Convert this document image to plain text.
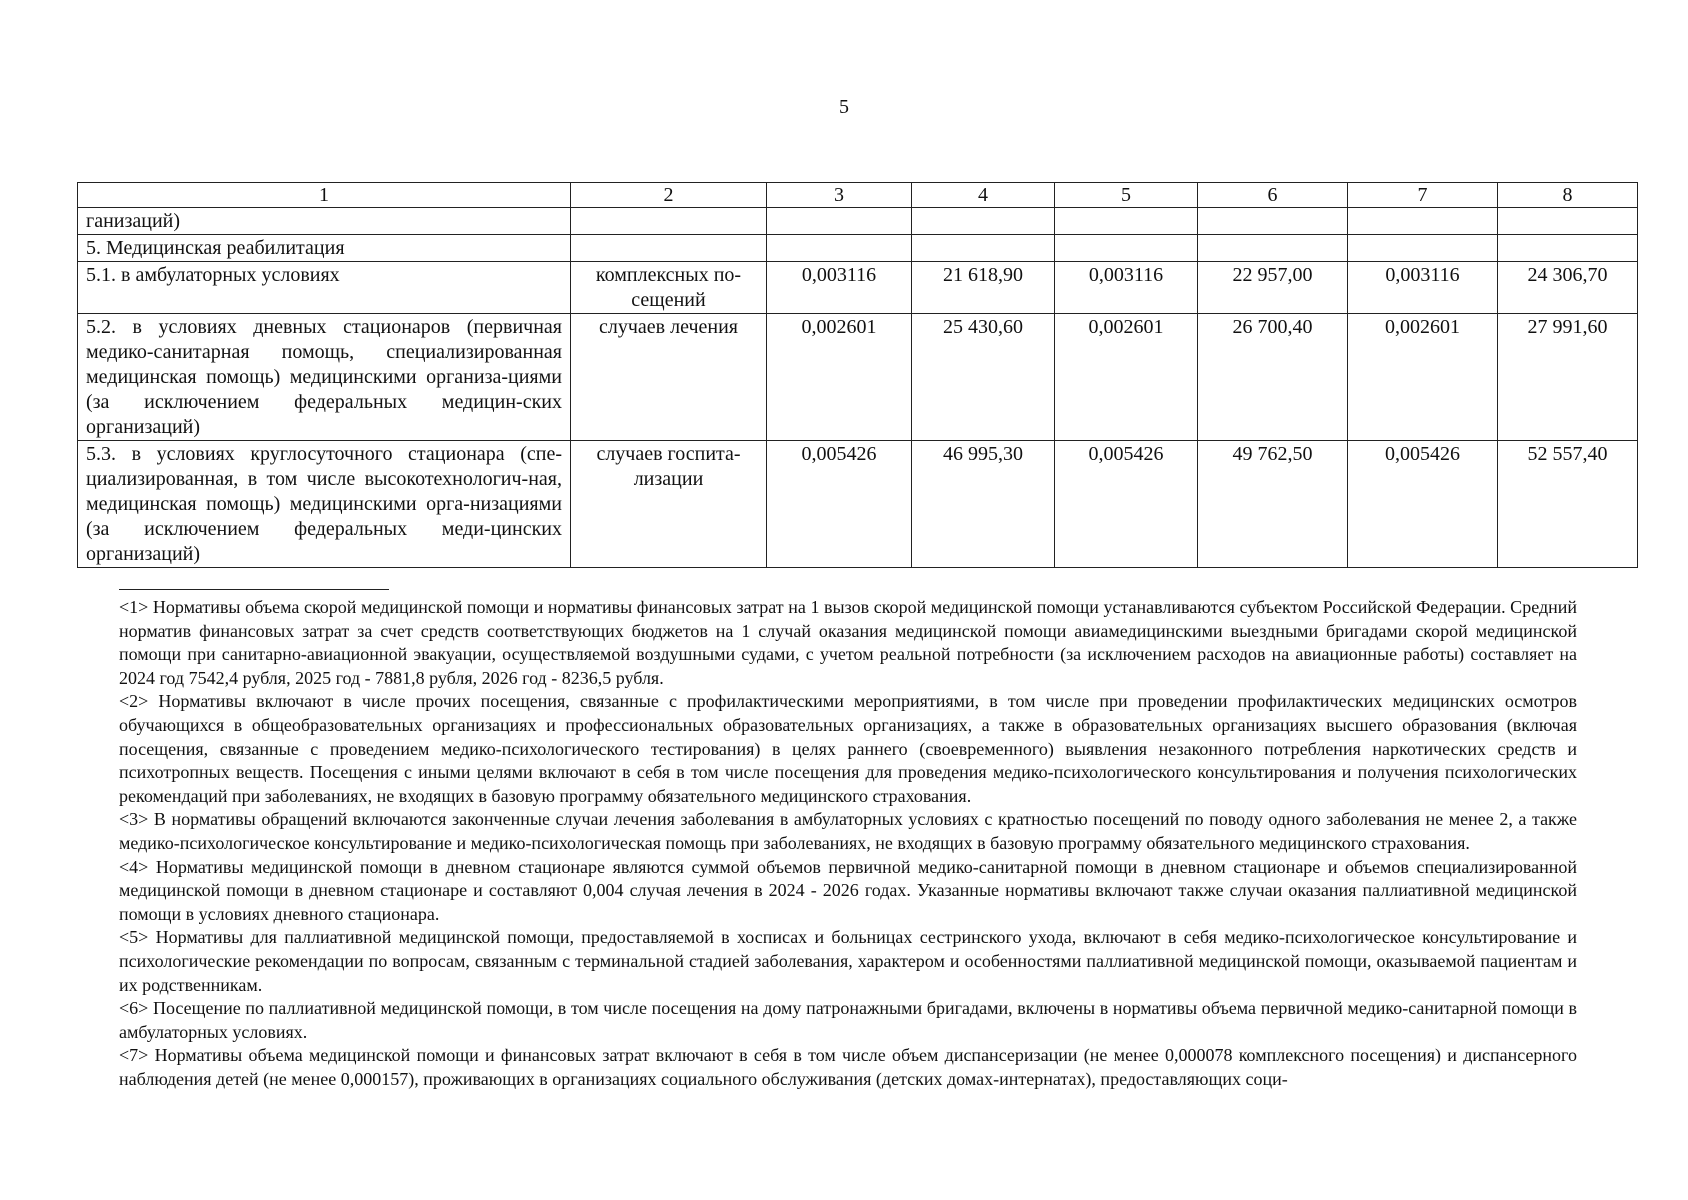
5
1	2	3	4	5	6	7	8
ганизаций)							
5. Медицинская реабилитация							
5.1. в амбулаторных условиях	комплексных по-сещений	0,003116	21 618,90	0,003116	22 957,00	0,003116	24 306,70
5.2. в условиях дневных стационаров (первичная медико-санитарная помощь, специализированная медицинская помощь) медицинскими организа-циями (за исключением федеральных медицин-ских организаций)	случаев лечения	0,002601	25 430,60	0,002601	26 700,40	0,002601	27 991,60
5.3. в условиях круглосуточного стационара (спе-циализированная, в том числе высокотехнологич-ная, медицинская помощь) медицинскими орга-низациями (за исключением федеральных меди-цинских организаций)	случаев госпита-лизации	0,005426	46 995,30	0,005426	49 762,50	0,005426	52 557,40

<1> Нормативы объема скорой медицинской помощи и нормативы финансовых затрат на 1 вызов скорой медицинской помощи устанавливаются субъектом Российской Федерации. Средний норматив финансовых затрат за счет средств соответствующих бюджетов на 1 случай оказания медицинской помощи авиамедицинскими выездными бригадами скорой медицинской помощи при санитарно-авиационной эвакуации, осуществляемой воздушными судами, с учетом реальной потребности (за исключением расходов на авиационные работы) составляет на 2024 год 7542,4 рубля, 2025 год - 7881,8 рубля, 2026 год - 8236,5 рубля.

<2> Нормативы включают в числе прочих посещения, связанные с профилактическими мероприятиями, в том числе при проведении профилактических медицинских осмотров обучающихся в общеобразовательных организациях и профессиональных образовательных организациях, а также в образовательных организациях высшего образования (включая посещения, связанные с проведением медико-психологического тестирования) в целях раннего (своевременного) выявления незаконного потребления наркотических средств и психотропных веществ. Посещения с иными целями включают в себя в том числе посещения для проведения медико-психологического консультирования и получения психологических рекомендаций при заболеваниях, не входящих в базовую программу обязательного медицинского страхования.

<3> В нормативы обращений включаются законченные случаи лечения заболевания в амбулаторных условиях с кратностью посещений по поводу одного заболевания не менее 2, а также медико-психологическое консультирование и медико-психологическая помощь при заболеваниях, не входящих в базовую программу обязательного медицинского страхования.

<4> Нормативы медицинской помощи в дневном стационаре являются суммой объемов первичной медико-санитарной помощи в дневном стационаре и объемов специализированной медицинской помощи в дневном стационаре и составляют 0,004 случая лечения в 2024 - 2026 годах. Указанные нормативы включают также случаи оказания паллиативной медицинской помощи в условиях дневного стационара.

<5> Нормативы для паллиативной медицинской помощи, предоставляемой в хосписах и больницах сестринского ухода, включают в себя медико-психологическое консультирование и психологические рекомендации по вопросам, связанным с терминальной стадией заболевания, характером и особенностями паллиативной медицинской помощи, оказываемой пациентам и их родственникам.

<6> Посещение по паллиативной медицинской помощи, в том числе посещения на дому патронажными бригадами, включены в нормативы объема первичной медико-санитарной помощи в амбулаторных условиях.

<7> Нормативы объема медицинской помощи и финансовых затрат включают в себя в том числе объем диспансеризации (не менее 0,000078 комплексного посещения) и диспансерного наблюдения детей (не менее 0,000157), проживающих в организациях социального обслуживания (детских домах-интернатах), предоставляющих соци-
